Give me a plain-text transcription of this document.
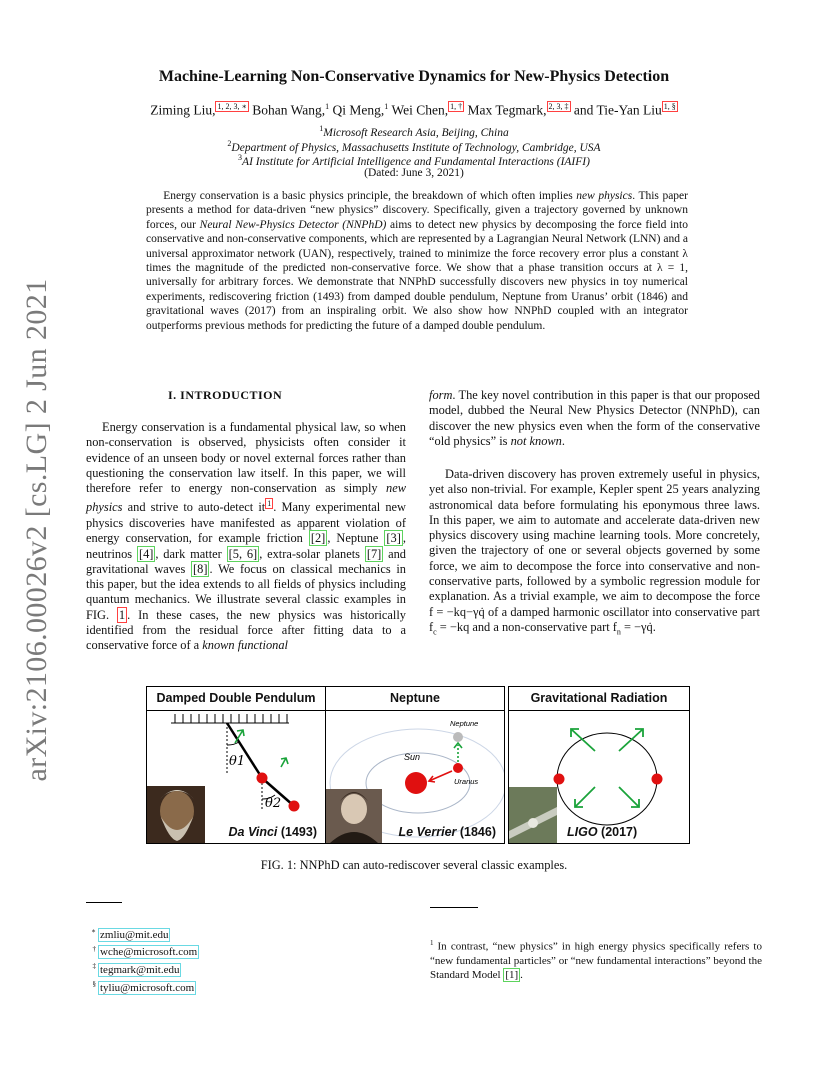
arXiv:2106.00026v2 [cs.LG] 2 Jun 2021
Machine-Learning Non-Conservative Dynamics for New-Physics Detection
Ziming Liu, $^{1, 2, 3, ∗}$ Bohan Wang,$^1$ Qi Meng,$^1$ Wei Chen, $^{1, \dagger}$ Max Tegmark, $^{2, 3, \ddagger}$ and Tie-Yan Liu $^{1, \S}$
$^1$Microsoft Research Asia, Beijing, China
$^2$Department of Physics, Massachusetts Institute of Technology, Cambridge, USA
$^3$AI Institute for Artificial Intelligence and Fundamental Interactions (IAIFI)
(Dated: June 3, 2021)
  Energy conservation is a basic physics principle, the breakdown of which often implies new physics. This paper presents a method for data-driven “new physics” discovery. Specifically, given a trajectory governed by unknown forces, our Neural New-Physics Detector (NNPhD) aims to detect new physics by decomposing the force field into conservative and non-conservative components, which are represented by a Lagrangian Neural Network (LNN) and a universal approximator network (UAN), respectively, trained to minimize the force recovery error plus a constant λ times the magnitude of the predicted non-conservative force. We show that a phase transition occurs at λ = 1, universally for arbitrary forces. We demonstrate that NNPhD successfully discovers new physics in toy numerical experiments, rediscovering friction (1493) from damped double pendulum, Neptune from Uranus’ orbit (1846) and gravitational waves (2017) from an inspiraling orbit. We also show how NNPhD coupled with an integrator outperforms previous methods for predicting the future of a damped double pendulum.
I. INTRODUCTION
Energy conservation is a fundamental physical law, so when non-conservation is observed, physicists often consider it evidence of an unseen body or novel external forces rather than questioning the conservation law itself. In this paper, we will therefore refer to energy non-conservation as simply new physics and strive to auto-detect it $^1$ . Many experimental new physics discoveries have manifested as apparent violation of energy conservation, for example friction [2] , Neptune [3] , neutrinos [4] , dark matter [5, 6] , extra-solar planets [7] and gravitational waves [8] . We focus on classical mechanics in this paper, but the idea extends to all fields of physics including quantum mechanics. We illustrate several classic examples in FIG. 1 . In these cases, the new physics was historically identified from the residual force after fitting data to a conservative force of a known functional
form. The key novel contribution in this paper is that our proposed model, dubbed the Neural New Physics Detector (NNPhD), can discover the new physics even when the form of the conservative “old physics” is not known.
Data-driven discovery has proven extremely useful in physics, yet also non-trivial. For example, Kepler spent 25 years analyzing astronomical data before formulating his eponymous three laws. In this paper, we aim to automate and accelerate data-driven new physics discovery using machine learning tools. More concretely, given the trajectory of one or several objects governed by some force, we aim to decompose the force into conservative and non-conservative parts, followed by a symbolic regression module for explanation. As a trivial example, we aim to decompose the force f = −kq−γq̇ of a damped harmonic oscillator into conservative part $f_c = -kq$ and a non-conservative part $f_n$ = −γq̇.
Damped Double Pendulum
θ1
θ2
Da Vinci (1493)
Neptune
Neptune
Sun
Uranus
Le Verrier (1846)
Gravitational Radiation
LIGO (2017)
FIG. 1: NNPhD can auto-rediscover several classic examples.
∗ zmliu@mit.edu
† wche@microsoft.com
‡ tegmark@mit.edu
§ tyliu@microsoft.com
$^1$ In contrast, “new physics” in high energy physics specifically refers to “new fundamental particles” or “new fundamental interactions” beyond the Standard Model [1] .
